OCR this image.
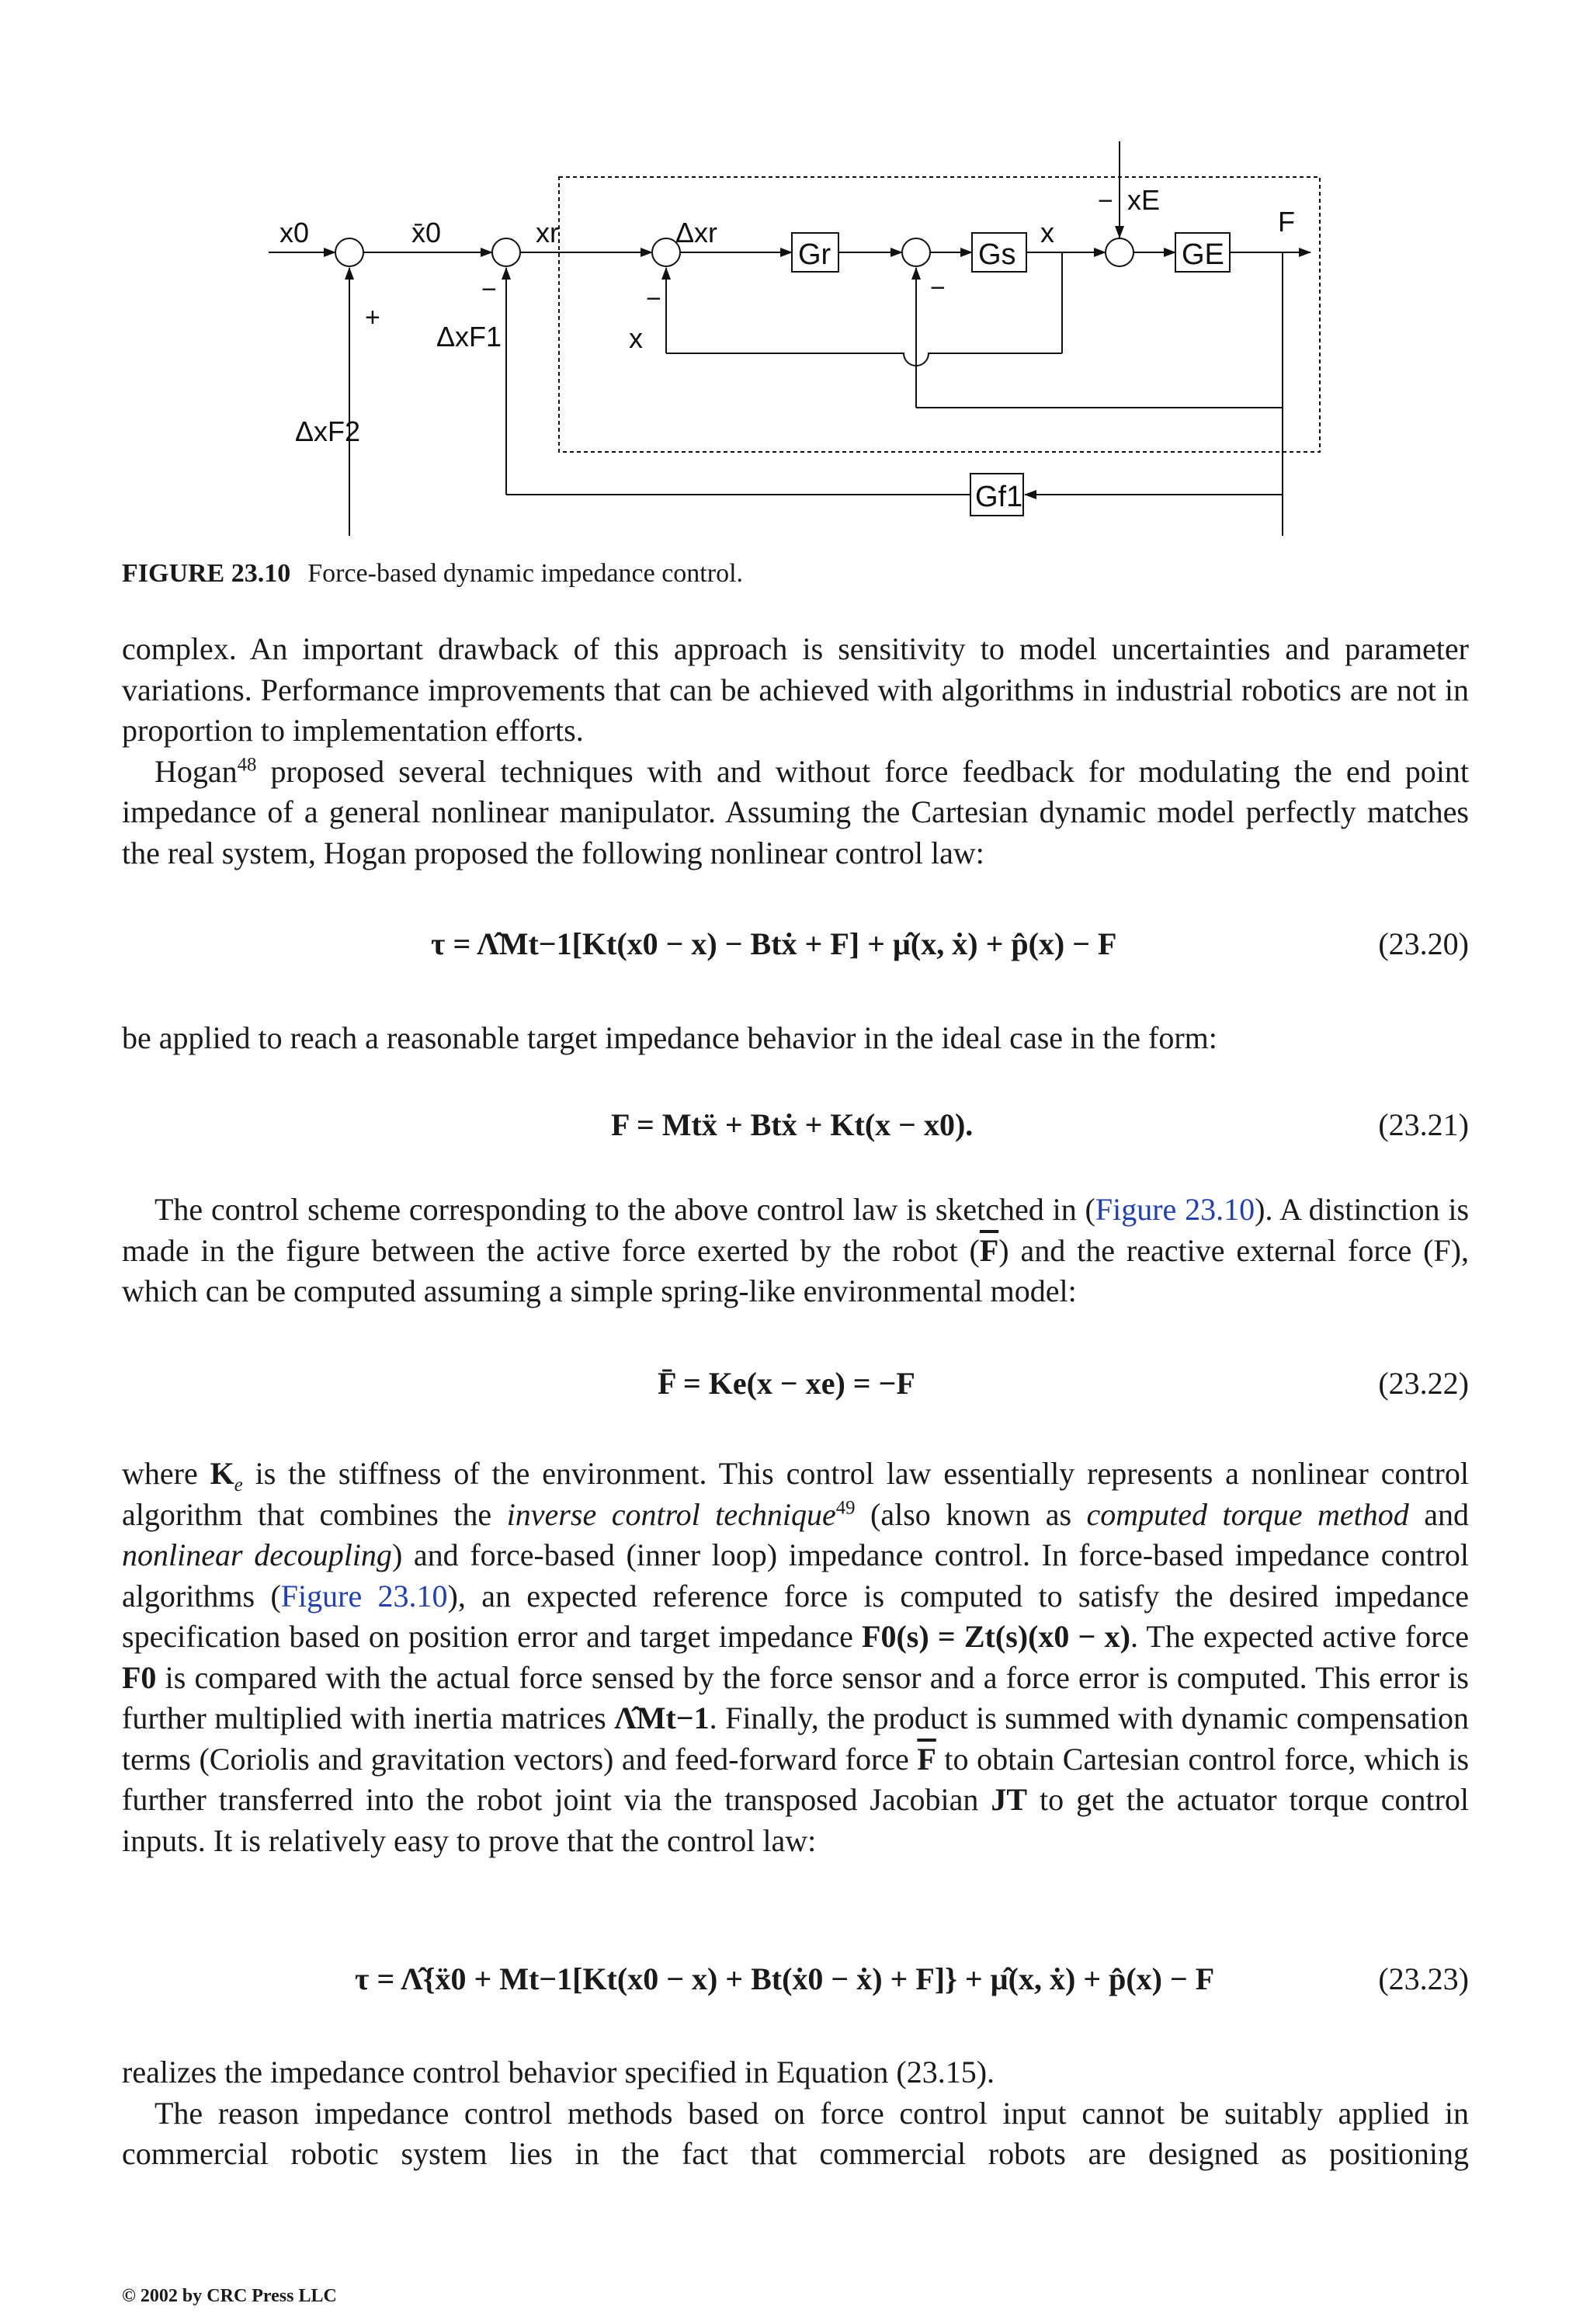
x0	x̄0	xr	Δxr	x
xE
F
x
ΔxF1
ΔxF2
Gr	Gs	GE
Gf1
+
−	−	−
−
FIGURE 23.10 Force-based dynamic impedance control.

complex. An important drawback of this approach is sensitivity to model uncertainties and parameter variations. Performance improvements that can be achieved with algorithms in industrial robotics are not in proportion to implementation efforts.

Hogan$^{48}$ proposed several techniques with and without force feedback for modulating the end point impedance of a general nonlinear manipulator. Assuming the Cartesian dynamic model perfectly matches the real system, Hogan proposed the following nonlinear control law:

τ = Λ̂Mt−1[Kt(x0 − x) − Btẋ + F] + µ̂(x, ẋ) + p̂(x) − F	(23.20)

be applied to reach a reasonable target impedance behavior in the ideal case in the form:

F = Mtẍ + Btẋ + Kt(x − x0).	(23.21)

The control scheme corresponding to the above control law is sketched in (Figure 23.10). A distinction is made in the figure between the active force exerted by the robot $(\overline{F})$ and the reactive external force (F), which can be computed assuming a simple spring-like environmental model:

F̄ = Ke(x − xe) = −F	(23.22)

where $K_e$ is the stiffness of the environment. This control law essentially represents a nonlinear control algorithm that combines the inverse control technique$^{49}$ (also known as computed torque method and nonlinear decoupling) and force-based (inner loop) impedance control. In force-based impedance control algorithms (Figure 23.10), an expected reference force is computed to satisfy the desired impedance specification based on position error and target impedance F0(s) = Zt(s)(x0 − x). The expected active force F0 is compared with the actual force sensed by the force sensor and a force error is computed. This error is further multiplied with inertia matrices Λ̂Mt−1. Finally, the product is summed with dynamic compensation terms (Coriolis and gravitation vectors) and feed-forward force $\overline{F}$ to obtain Cartesian control force, which is further transferred into the robot joint via the transposed Jacobian JT to get the actuator torque control inputs. It is relatively easy to prove that the control law:

τ = Λ̂{ẍ0 + Mt−1[Kt(x0 − x) + Bt(ẋ0 − ẋ) + F]} + µ̂(x, ẋ) + p̂(x) − F	(23.23)

realizes the impedance control behavior specified in Equation (23.15).

The reason impedance control methods based on force control input cannot be suitably applied in commercial robotic system lies in the fact that commercial robots are designed as positioning

© 2002 by CRC Press LLC
